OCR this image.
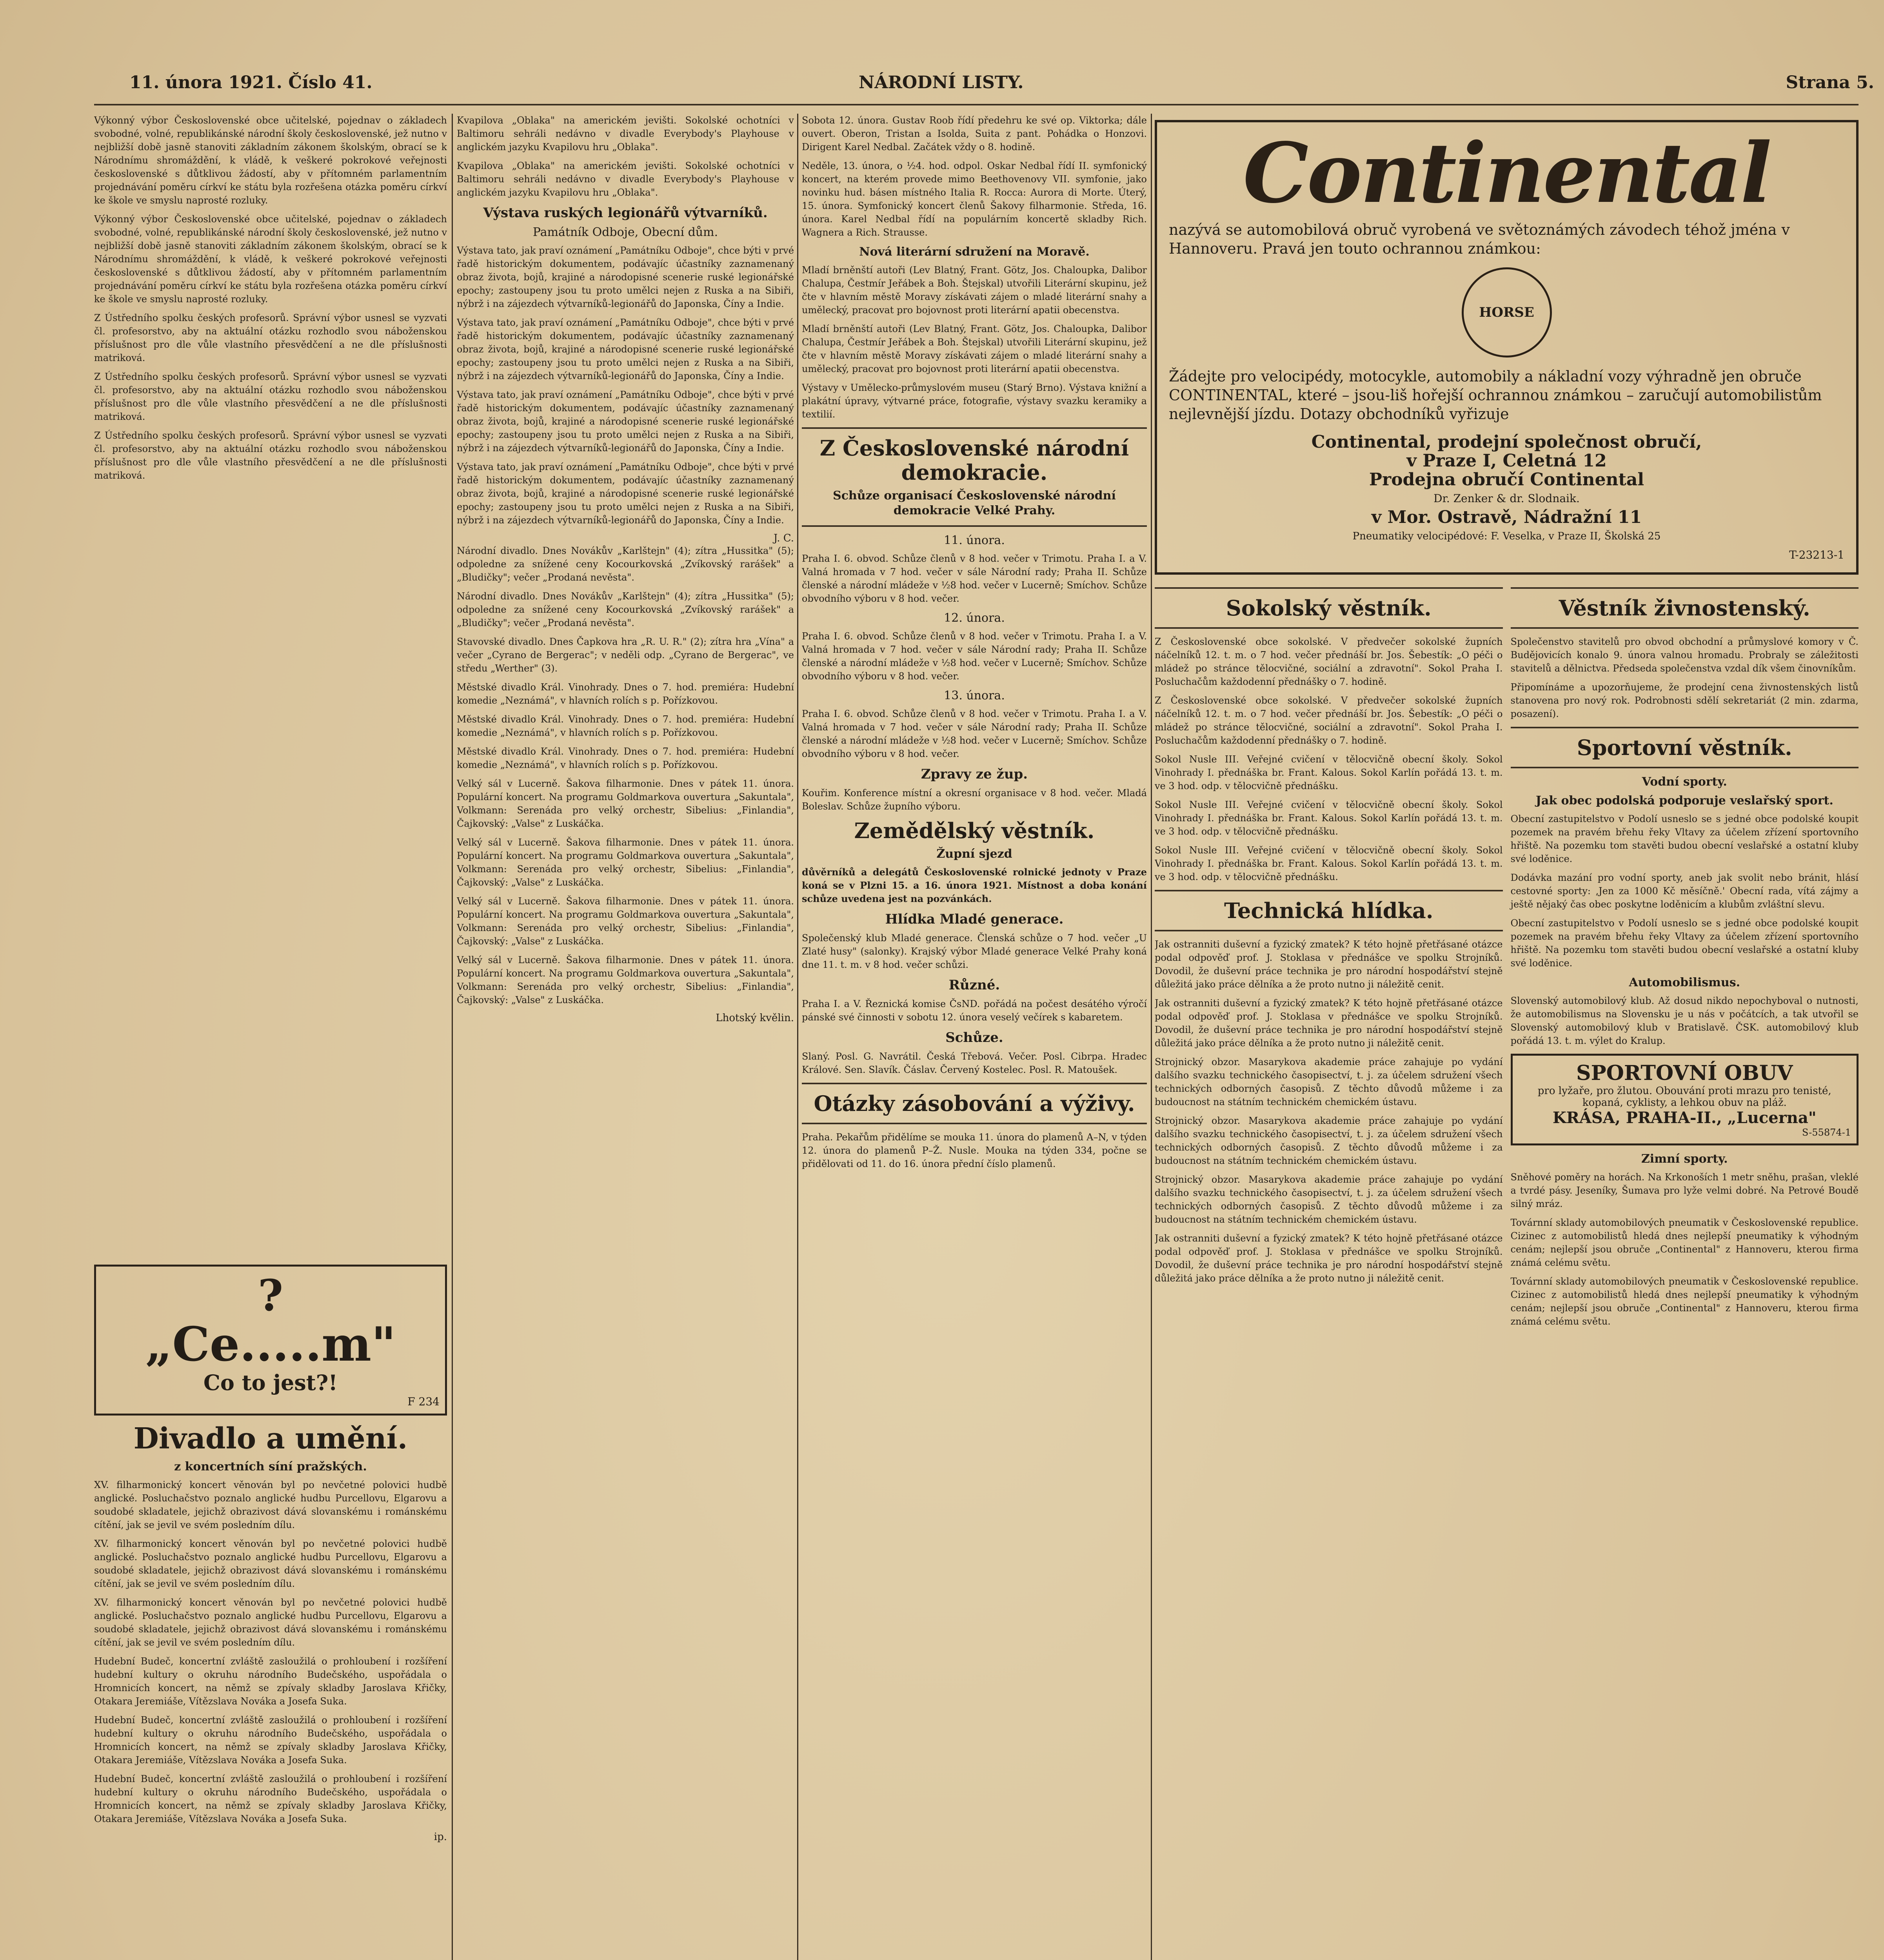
11. února 1921. Číslo 41.	NÁRODNÍ LISTY.	Strana 5.

Výkonný výbor Československé obce učitelské, pojednav o základech svobodné, volné, republikánské národní školy československé, jež nutno v nejbližší době jasně stanoviti základním zákonem školským, obrací se k Národnímu shromáždění, k vládě, k veškeré pokrokové veřejnosti československé s důtklivou žádostí, aby v přítomném parlamentním projednávání poměru církví ke státu byla rozřešena otázka poměru církví ke škole ve smyslu naprosté rozluky.

Výkonný výbor Československé obce učitelské, pojednav o základech svobodné, volné, republikánské národní školy československé, jež nutno v nejbližší době jasně stanoviti základním zákonem školským, obrací se k Národnímu shromáždění, k vládě, k veškeré pokrokové veřejnosti československé s důtklivou žádostí, aby v přítomném parlamentním projednávání poměru církví ke státu byla rozřešena otázka poměru církví ke škole ve smyslu naprosté rozluky.

Z Ústředního spolku českých profesorů. Správní výbor usnesl se vyzvati čl. profesorstvo, aby na aktuální otázku rozhodlo svou náboženskou příslušnost pro dle vůle vlastního přesvědčení a ne dle příslušnosti matriková.

Z Ústředního spolku českých profesorů. Správní výbor usnesl se vyzvati čl. profesorstvo, aby na aktuální otázku rozhodlo svou náboženskou příslušnost pro dle vůle vlastního přesvědčení a ne dle příslušnosti matriková.

Z Ústředního spolku českých profesorů. Správní výbor usnesl se vyzvati čl. profesorstvo, aby na aktuální otázku rozhodlo svou náboženskou příslušnost pro dle vůle vlastního přesvědčení a ne dle příslušnosti matriková.

?
„Ce.....m"
Co to jest?!
F 234
Divadlo a umění.
z koncertních síní pražských.

XV. filharmonický koncert věnován byl po nevčetné polovici hudbě anglické. Posluchačstvo poznalo anglické hudbu Purcellovu, Elgarovu a soudobé skladatele, jejichž obrazivost dává slovanskému i románskému cítění, jak se jevil ve svém posledním dílu.

XV. filharmonický koncert věnován byl po nevčetné polovici hudbě anglické. Posluchačstvo poznalo anglické hudbu Purcellovu, Elgarovu a soudobé skladatele, jejichž obrazivost dává slovanskému i románskému cítění, jak se jevil ve svém posledním dílu.

XV. filharmonický koncert věnován byl po nevčetné polovici hudbě anglické. Posluchačstvo poznalo anglické hudbu Purcellovu, Elgarovu a soudobé skladatele, jejichž obrazivost dává slovanskému i románskému cítění, jak se jevil ve svém posledním dílu.

Hudební Budeč, koncertní zvláště zasloužilá o prohloubení i rozšíření hudební kultury o okruhu národního Budečského, uspořádala o Hromnicích koncert, na němž se zpívaly skladby Jaroslava Křičky, Otakara Jeremiáše, Vítězslava Nováka a Josefa Suka.

Hudební Budeč, koncertní zvláště zasloužilá o prohloubení i rozšíření hudební kultury o okruhu národního Budečského, uspořádala o Hromnicích koncert, na němž se zpívaly skladby Jaroslava Křičky, Otakara Jeremiáše, Vítězslava Nováka a Josefa Suka.

Hudební Budeč, koncertní zvláště zasloužilá o prohloubení i rozšíření hudební kultury o okruhu národního Budečského, uspořádala o Hromnicích koncert, na němž se zpívaly skladby Jaroslava Křičky, Otakara Jeremiáše, Vítězslava Nováka a Josefa Suka.

ip.

Kvapilova „Oblaka" na americkém jevišti. Sokolské ochotníci v Baltimoru sehráli nedávno v divadle Everybody's Playhouse v anglickém jazyku Kvapilovu hru „Oblaka".

Kvapilova „Oblaka" na americkém jevišti. Sokolské ochotníci v Baltimoru sehráli nedávno v divadle Everybody's Playhouse v anglickém jazyku Kvapilovu hru „Oblaka".

Výstava ruských legionářů výtvarníků.
Památník Odboje, Obecní dům.

Výstava tato, jak praví oznámení „Památníku Odboje", chce býti v prvé řadě historickým dokumentem, podávajíc účastníky zaznamenaný obraz života, bojů, krajiné a národopisné scenerie ruské legionářské epochy; zastoupeny jsou tu proto umělci nejen z Ruska a na Sibiři, nýbrž i na zájezdech výtvarníků-legionářů do Japonska, Číny a Indie.

Výstava tato, jak praví oznámení „Památníku Odboje", chce býti v prvé řadě historickým dokumentem, podávajíc účastníky zaznamenaný obraz života, bojů, krajiné a národopisné scenerie ruské legionářské epochy; zastoupeny jsou tu proto umělci nejen z Ruska a na Sibiři, nýbrž i na zájezdech výtvarníků-legionářů do Japonska, Číny a Indie.

Výstava tato, jak praví oznámení „Památníku Odboje", chce býti v prvé řadě historickým dokumentem, podávajíc účastníky zaznamenaný obraz života, bojů, krajiné a národopisné scenerie ruské legionářské epochy; zastoupeny jsou tu proto umělci nejen z Ruska a na Sibiři, nýbrž i na zájezdech výtvarníků-legionářů do Japonska, Číny a Indie.

Výstava tato, jak praví oznámení „Památníku Odboje", chce býti v prvé řadě historickým dokumentem, podávajíc účastníky zaznamenaný obraz života, bojů, krajiné a národopisné scenerie ruské legionářské epochy; zastoupeny jsou tu proto umělci nejen z Ruska a na Sibiři, nýbrž i na zájezdech výtvarníků-legionářů do Japonska, Číny a Indie.

J. C.

Národní divadlo. Dnes Novákův „Karlštejn" (4); zítra „Hussitka" (5); odpoledne za snížené ceny Kocourkovská „Zvíkovský rarášek" a „Bludičky"; večer „Prodaná nevěsta".

Národní divadlo. Dnes Novákův „Karlštejn" (4); zítra „Hussitka" (5); odpoledne za snížené ceny Kocourkovská „Zvíkovský rarášek" a „Bludičky"; večer „Prodaná nevěsta".

Stavovské divadlo. Dnes Čapkova hra „R. U. R." (2); zítra hra „Vína" a večer „Cyrano de Bergerac"; v neděli odp. „Cyrano de Bergerac", ve středu „Werther" (3).

Městské divadlo Král. Vinohrady. Dnes o 7. hod. premiéra: Hudební komedie „Neznámá", v hlavních rolích s p. Pořízkovou.

Městské divadlo Král. Vinohrady. Dnes o 7. hod. premiéra: Hudební komedie „Neznámá", v hlavních rolích s p. Pořízkovou.

Městské divadlo Král. Vinohrady. Dnes o 7. hod. premiéra: Hudební komedie „Neznámá", v hlavních rolích s p. Pořízkovou.

Velký sál v Lucerně. Šakova filharmonie. Dnes v pátek 11. února. Populární koncert. Na programu Goldmarkova ouvertura „Sakuntala", Volkmann: Serenáda pro velký orchestr, Sibelius: „Finlandia", Čajkovský: „Valse" z Luskáčka.

Velký sál v Lucerně. Šakova filharmonie. Dnes v pátek 11. února. Populární koncert. Na programu Goldmarkova ouvertura „Sakuntala", Volkmann: Serenáda pro velký orchestr, Sibelius: „Finlandia", Čajkovský: „Valse" z Luskáčka.

Velký sál v Lucerně. Šakova filharmonie. Dnes v pátek 11. února. Populární koncert. Na programu Goldmarkova ouvertura „Sakuntala", Volkmann: Serenáda pro velký orchestr, Sibelius: „Finlandia", Čajkovský: „Valse" z Luskáčka.

Velký sál v Lucerně. Šakova filharmonie. Dnes v pátek 11. února. Populární koncert. Na programu Goldmarkova ouvertura „Sakuntala", Volkmann: Serenáda pro velký orchestr, Sibelius: „Finlandia", Čajkovský: „Valse" z Luskáčka.

Lhotský kvělin.

Sobota 12. února. Gustav Roob řídí předehru ke své op. Viktorka; dále ouvert. Oberon, Tristan a Isolda, Suita z pant. Pohádka o Honzovi. Dirigent Karel Nedbal. Začátek vždy o 8. hodině.

Neděle, 13. února, o ½4. hod. odpol. Oskar Nedbal řídí II. symfonický koncert, na kterém provede mimo Beethovenovy VII. symfonie, jako novinku hud. básen místného Italia R. Rocca: Aurora di Morte. Úterý, 15. února. Symfonický koncert členů Šakovy filharmonie. Středa, 16. února. Karel Nedbal řídí na populárním koncertě skladby Rich. Wagnera a Rich. Strausse.

Nová literární sdružení na Moravě.

Mladí brněnští autoři (Lev Blatný, Frant. Götz, Jos. Chaloupka, Dalibor Chalupa, Čestmír Jeřábek a Boh. Štejskal) utvořili Literární skupinu, jež čte v hlavním městě Moravy získávati zájem o mladé literární snahy a umělecký, pracovat pro bojovnost proti literární apatii obecenstva.

Mladí brněnští autoři (Lev Blatný, Frant. Götz, Jos. Chaloupka, Dalibor Chalupa, Čestmír Jeřábek a Boh. Štejskal) utvořili Literární skupinu, jež čte v hlavním městě Moravy získávati zájem o mladé literární snahy a umělecký, pracovat pro bojovnost proti literární apatii obecenstva.

Výstavy v Umělecko-průmyslovém museu (Starý Brno). Výstava knižní a plakátní úpravy, výtvarné práce, fotografie, výstavy svazku keramiky a textilií.

Z Československé národní demokracie.
Schůze organisací Československé národní demokracie Velké Prahy.
11. února.

Praha I. 6. obvod. Schůze členů v 8 hod. večer v Trimotu. Praha I. a V. Valná hromada v 7 hod. večer v sále Národní rady; Praha II. Schůze členské a národní mládeže v ½8 hod. večer v Lucerně; Smíchov. Schůze obvodního výboru v 8 hod. večer.

12. února.

Praha I. 6. obvod. Schůze členů v 8 hod. večer v Trimotu. Praha I. a V. Valná hromada v 7 hod. večer v sále Národní rady; Praha II. Schůze členské a národní mládeže v ½8 hod. večer v Lucerně; Smíchov. Schůze obvodního výboru v 8 hod. večer.

13. února.

Praha I. 6. obvod. Schůze členů v 8 hod. večer v Trimotu. Praha I. a V. Valná hromada v 7 hod. večer v sále Národní rady; Praha II. Schůze členské a národní mládeže v ½8 hod. večer v Lucerně; Smíchov. Schůze obvodního výboru v 8 hod. večer.

Zpravy ze žup.

Kouřim. Konference místní a okresní organisace v 8 hod. večer. Mladá Boleslav. Schůze župního výboru.

Zemědělský věstník.
Župní sjezd

důvěrníků a delegátů Československé rolnické jednoty v Praze koná se v Plzni 15. a 16. února 1921. Místnost a doba konání schůze uvedena jest na pozvánkách.

Hlídka Mladé generace.

Společenský klub Mladé generace. Členská schůze o 7 hod. večer „U Zlaté husy" (salonky). Krajský výbor Mladé generace Velké Prahy koná dne 11. t. m. v 8 hod. večer schůzi.

Různé.

Praha I. a V. Řeznická komise ČsND. pořádá na počest desátého výročí pánské své činnosti v sobotu 12. února veselý večírek s kabaretem.

Schůze.

Slaný. Posl. G. Navrátil. Česká Třebová. Večer. Posl. Cibrpa. Hradec Králové. Sen. Slavík. Čáslav. Červený Kostelec. Posl. R. Matoušek.

Otázky zásobování a výživy.

Praha. Pekařům přidělíme se mouka 11. února do plamenů A–N, v týden 12. února do plamenů P–Ž. Nusle. Mouka na týden 334, počne se přidělovati od 11. do 16. února přední číslo plamenů.

Continental

nazývá se automobilová obruč vyrobená ve světoznámých závodech téhož jména v Hannoveru. Pravá jen touto ochrannou známkou:

HORSE

Žádejte pro velocipédy, motocykle, automobily a nákladní vozy výhradně jen obruče CONTINENTAL, které – jsou-liš hořejší ochrannou známkou – zaručují automobilistům nejlevnější jízdu. Dotazy obchodníků vyřizuje

Continental, prodejní společnost obručí,

v Praze I, Celetná 12

Prodejna obručí Continental

Dr. Zenker & dr. Slodnaik.

v Mor. Ostravě, Nádražní 11

Pneumatiky velocipédové: F. Veselka, v Praze II, Školská 25

T-23213-1

Sokolský věstník.

Z Československé obce sokolské. V předvečer sokolské župních náčelníků 12. t. m. o 7 hod. večer přednáší br. Jos. Šebestík: „O péči o mládež po stránce tělocvičné, sociální a zdravotní". Sokol Praha I. Posluchačům každodenní přednášky o 7. hodině.

Z Československé obce sokolské. V předvečer sokolské župních náčelníků 12. t. m. o 7 hod. večer přednáší br. Jos. Šebestík: „O péči o mládež po stránce tělocvičné, sociální a zdravotní". Sokol Praha I. Posluchačům každodenní přednášky o 7. hodině.

Sokol Nusle III. Veřejné cvičení v tělocvičně obecní školy. Sokol Vinohrady I. přednáška br. Frant. Kalous. Sokol Karlín pořádá 13. t. m. ve 3 hod. odp. v tělocvičně přednášku.

Sokol Nusle III. Veřejné cvičení v tělocvičně obecní školy. Sokol Vinohrady I. přednáška br. Frant. Kalous. Sokol Karlín pořádá 13. t. m. ve 3 hod. odp. v tělocvičně přednášku.

Sokol Nusle III. Veřejné cvičení v tělocvičně obecní školy. Sokol Vinohrady I. přednáška br. Frant. Kalous. Sokol Karlín pořádá 13. t. m. ve 3 hod. odp. v tělocvičně přednášku.

Technická hlídka.

Jak ostranniti duševní a fyzický zmatek? K této hojně přetřásané otázce podal odpověď prof. J. Stoklasa v přednášce ve spolku Strojníků. Dovodil, že duševní práce technika je pro národní hospodářství stejně důležitá jako práce dělníka a že proto nutno ji náležitě cenit.

Jak ostranniti duševní a fyzický zmatek? K této hojně přetřásané otázce podal odpověď prof. J. Stoklasa v přednášce ve spolku Strojníků. Dovodil, že duševní práce technika je pro národní hospodářství stejně důležitá jako práce dělníka a že proto nutno ji náležitě cenit.

Strojnický obzor. Masarykova akademie práce zahajuje po vydání dalšího svazku technického časopisectví, t. j. za účelem sdružení všech technických odborných časopisů. Z těchto důvodů můžeme i za budoucnost na státním technickém chemickém ústavu.

Strojnický obzor. Masarykova akademie práce zahajuje po vydání dalšího svazku technického časopisectví, t. j. za účelem sdružení všech technických odborných časopisů. Z těchto důvodů můžeme i za budoucnost na státním technickém chemickém ústavu.

Strojnický obzor. Masarykova akademie práce zahajuje po vydání dalšího svazku technického časopisectví, t. j. za účelem sdružení všech technických odborných časopisů. Z těchto důvodů můžeme i za budoucnost na státním technickém chemickém ústavu.

Jak ostranniti duševní a fyzický zmatek? K této hojně přetřásané otázce podal odpověď prof. J. Stoklasa v přednášce ve spolku Strojníků. Dovodil, že duševní práce technika je pro národní hospodářství stejně důležitá jako práce dělníka a že proto nutno ji náležitě cenit.

Věstník živnostenský.

Společenstvo stavitelů pro obvod obchodní a průmyslové komory v Č. Budějovicích konalo 9. února valnou hromadu. Probraly se záležitosti stavitelů a dělnictva. Předseda společenstva vzdal dík všem činovníkům.

Připomínáme a upozorňujeme, že prodejní cena živnostenských listů stanovena pro nový rok. Podrobnosti sdělí sekretariát (2 min. zdarma, posazení).

Sportovní věstník.
Vodní sporty.
Jak obec podolská podporuje veslařský sport.

Obecní zastupitelstvo v Podolí usneslo se s jedné obce podolské koupit pozemek na pravém břehu řeky Vltavy za účelem zřízení sportovního hřiště. Na pozemku tom stavěti budou obecní veslařské a ostatní kluby své loděnice.

Dodávka mazání pro vodní sporty, aneb jak svolit nebo bránit, hlásí cestovné sporty: ‚Jen za 1000 Kč měsíčně.' Obecní rada, vítá zájmy a ještě nějaký čas obec poskytne loděnicím a klubům zvláštní slevu.

Obecní zastupitelstvo v Podolí usneslo se s jedné obce podolské koupit pozemek na pravém břehu řeky Vltavy za účelem zřízení sportovního hřiště. Na pozemku tom stavěti budou obecní veslařské a ostatní kluby své loděnice.

Automobilismus.

Slovenský automobilový klub. Až dosud nikdo nepochyboval o nutnosti, že automobilismus na Slovensku je u nás v počátcích, a tak utvořil se Slovenský automobilový klub v Bratislavě. ČSK. automobilový klub pořádá 13. t. m. výlet do Kralup.

SPORTOVNÍ OBUV
pro lyžaře, pro žlutou. Obouvání proti mrazu pro tenisté, kopaná, cyklisty, a lehkou obuv na pláž.
KRÁSA, PRAHA-II., „Lucerna"
S-55874-1
Zimní sporty.

Sněhové poměry na horách. Na Krkonoších 1 metr sněhu, prašan, vleklé a tvrdé pásy. Jeseníky, Šumava pro lyže velmi dobré. Na Petrové Boudě silný mráz.

Továrnní sklady automobilových pneumatik v Československé republice. Cizinec z automobilistů hledá dnes nejlepší pneumatiky k výhodným cenám; nejlepší jsou obruče „Continental" z Hannoveru, kterou firma známá celému světu.

Továrnní sklady automobilových pneumatik v Československé republice. Cizinec z automobilistů hledá dnes nejlepší pneumatiky k výhodným cenám; nejlepší jsou obruče „Continental" z Hannoveru, kterou firma známá celému světu.
